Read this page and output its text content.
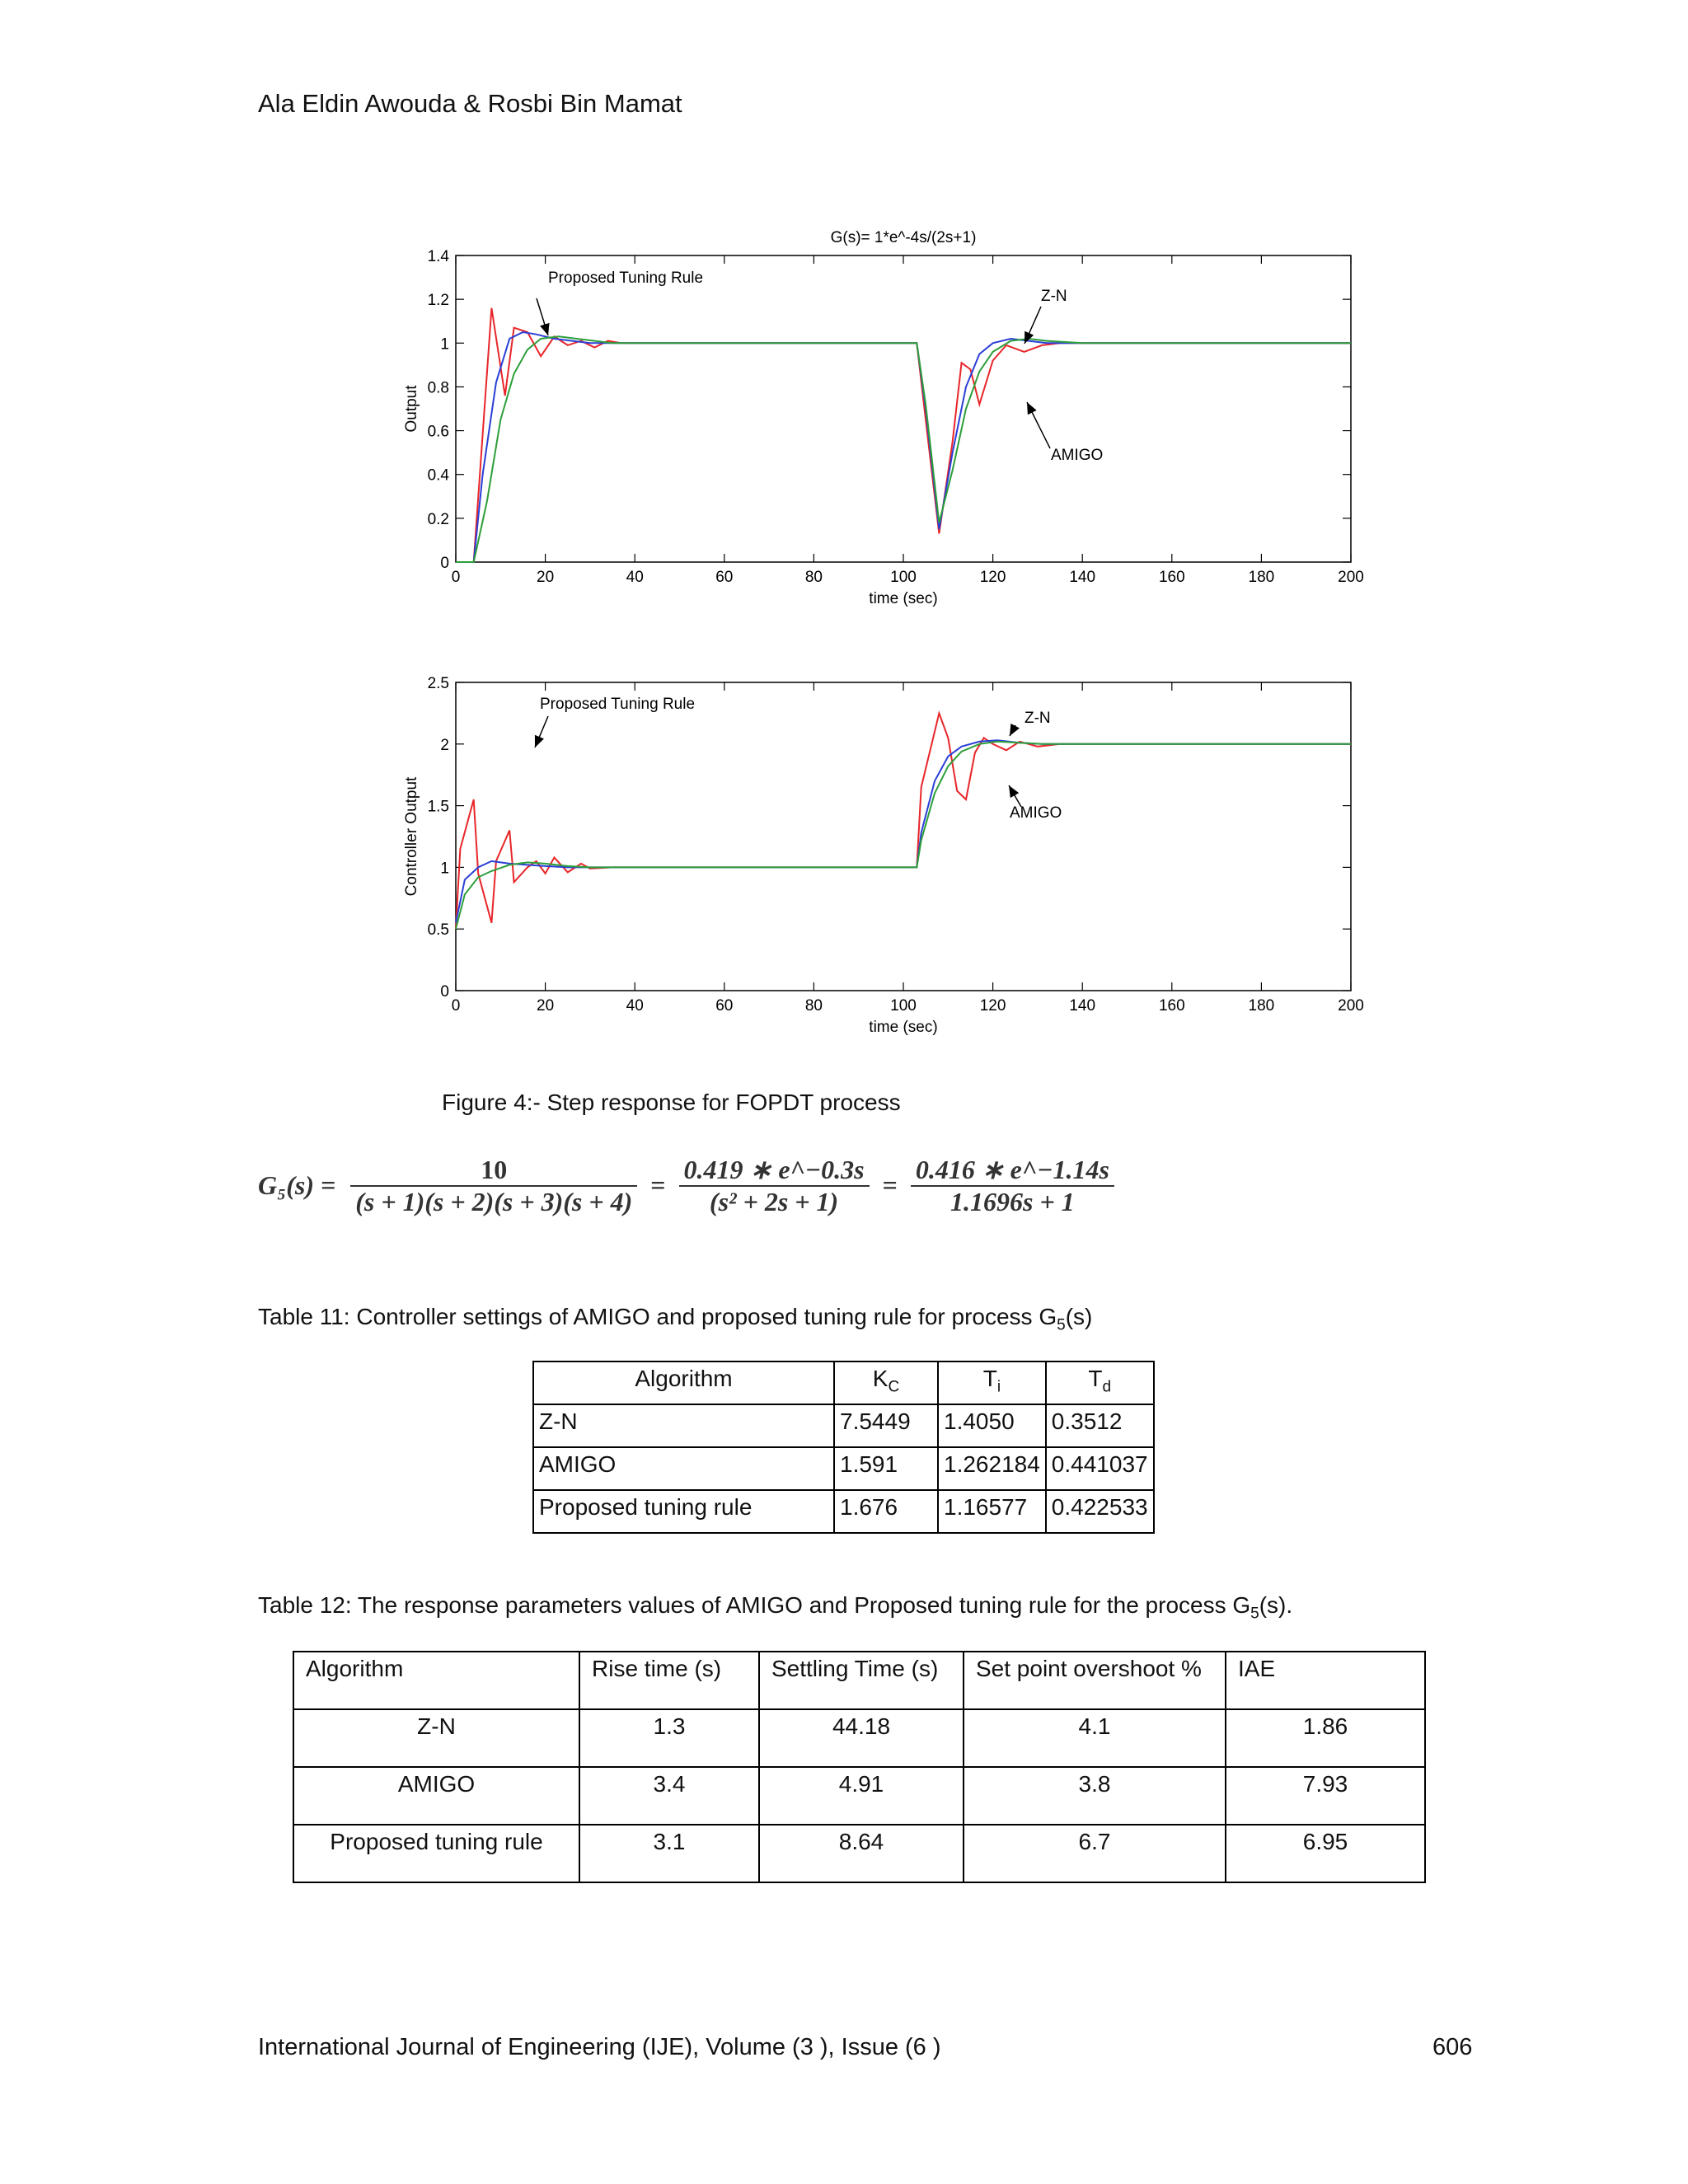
Ala Eldin Awouda & Rosbi Bin Mamat
0	20	40	60	80	100	120	140	160	180	200
0
0.2
0.4
0.6
0.8
1
1.2
1.4
time (sec)
Output
G(s)= 1*e^-4s/(2s+1)
Proposed Tuning Rule
Z-N
AMIGO
0	20	40	60	80	100	120	140	160	180	200
0
0.5
1
1.5
2
2.5
time (sec)
Controller Output
Proposed Tuning Rule
Z-N
AMIGO
Figure 4:- Step response for FOPDT process
$G_5(s) = \frac{10}{(s + 1)(s + 2)(s + 3)(s + 4)} = \frac{0.419 ∗ e\^{}-0.3s}{\text{(s² + 2s + 1)}} = \frac{0.416 ∗ e\^{}-1.14s}{1.1696s + 1}$
Table 11: Controller settings of AMIGO and proposed tuning rule for process $G_5(s)$
Algorithm	$K_C$	$T_i$	$T_d$
Z-N	7.5449	1.4050	0.3512
AMIGO	1.591	1.262184	0.441037
Proposed tuning rule	1.676	1.16577	0.422533
Table 12: The response parameters values of AMIGO and Proposed tuning rule for the process $G_5(s)$.
Algorithm	Rise time (s)	Settling Time (s)	Set point overshoot %	IAE
Z-N	1.3	44.18	4.1	1.86
AMIGO	3.4	4.91	3.8	7.93
Proposed tuning rule	3.1	8.64	6.7	6.95
International Journal of Engineering (IJE), Volume (3 ), Issue (6 )	606
